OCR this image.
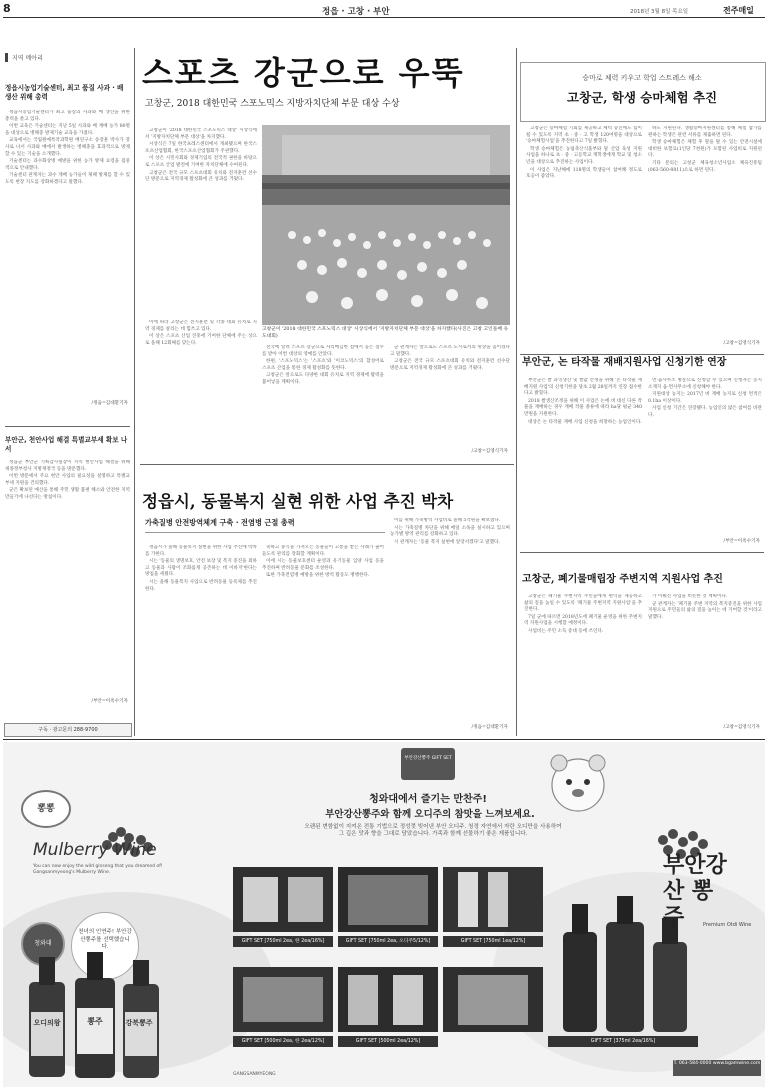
8	정읍 · 고창 · 부안	2018년 3월 8일 목요일	전주매일
지역 메아리
정읍시농업기술센터, 최고 품질 사과 · 배 생산 위해 총력

정읍시농업기술센터가 최고 품질의 사과와 배 생산을 위한 총력을 쏟고 있다.

이번 교육은 기술센터는 지난 5일 사과와 배 재배 농가 80명을 대상으로 병해충 방제기술 교육을 가졌다.

교육에서는 국립원예특작과학원 배연구소 송장훈 박사가 강사로 나서 사과와 배에서 발생하는 병해충을 효과적으로 방제할 수 있는 기술을 소개했다.

기술센터는 과수화상병 예방을 위한 농가 방제 요령을 집중적으로 안내했다.

기술센터 관계자는 과수 재배 농가들이 제때 방제를 할 수 있도록 현장 지도를 강화하겠다고 말했다.

/정읍=김대환기자
부안군, 천안사업 해결 특별교부세 확보 나서

정읍군 부안군 기획감사실장이 지역 현안사업 해결을 위해 세종정부청사 지방재정국 등을 방문했다.

이번 방문에서 주요 현안 사업의 필요성을 설명하고 특별교부세 지원을 건의했다.

군은 확보된 예산을 통해 주민 생활 불편 해소와 안전한 지역 만들기에 나선다는 방침이다.

/부안=이옥수기자
구독 · 광고문의 288-9700
스포츠 강군으로 우뚝
고창군, 2018 대한민국 스포노믹스 지방자치단체 부문 대상 수상

고창군이 '2018 대한민국 스포노믹스 대상' 시상식에서 '지방자치단체 부문 대상'을 차지했다.

시상식은 7일 한국프레스센터에서 개최됐으며 한국스포츠산업협회, 한국스포츠산업협회가 주관했다.

이 상은 시민사회와 경제기업의 전국적 권한을 바탕으로 스포츠 산업 발전에 기여한 자치단체에 수여된다.

고창군은 전국 규모 스포츠대회 유치와 전지훈련 선수단 방문으로 지역경제 활성화에 큰 성과를 거뒀다.

고창군이 '2018 대한민국 스포노믹스 대상' 시상식에서 '지방자치단체 부문 대상'을 차지했다(사진은 고창 고인돌배 유도대회)

이에 따라 고창군은 전지훈련 및 각종 대회 유치로 지역 경제를 살리는 데 힘쓰고 있다.

이 상은 스포츠 산업 진흥에 기여한 단체에 주는 상으로 올해 12회째를 맞는다.

전국에 알려 스포츠 강군으로 자리매김한 점에서 높은 점수를 받아 이번 대상의 영예를 안았다.

한편, '스포노믹스'는 '스포츠'와 '이코노믹스'의 합성어로 스포츠 산업을 통한 경제 활성화를 뜻한다.

고창군은 앞으로도 다양한 대회 유치로 지역 경제에 활력을 불어넣을 계획이다.

군 관계자는 앞으로도 스포츠 도시로서의 위상을 높이겠다고 말했다.

고창군은 전국 규모 스포츠대회 유치와 전지훈련 선수단 방문으로 지역경제 활성화에 큰 성과를 거뒀다.

/고창=김영식기자
정읍시, 동물복지 실현 위한 사업 추진 박차
가축질병 안전방역체계 구축 · 전염병 근절 총력

정읍시가 올해 동물복지 실현을 위한 사업 추진에 박차를 가한다.

시는 '동물의 생명보호, 안전 보장 및 복지 증진을 꾀하고 동물과 사람이 조화롭게 공존하는 데 이바지'한다는 방침을 세웠다.

시는 올해 동물복지 사업으로 반려동물 등록제를 추진한다.

축하고 중식을 가져오는 동물들이 고통을 받는 사례가 줄어들도록 관리를 강화할 계획이다.

이에 시는 동물보호센터 운영과 유기동물 입양 사업 등을 추진하며 반려동물 문화를 조성한다.

또한 가축전염병 예방을 위한 방역 활동도 병행한다.

이를 위해 가축방역 사업비로 올해 5억원을 확보했다.

시는 가축질병 차단을 위해 매일 소독을 실시하고 있으며 농가별 방역 관리를 강화하고 있다.

시 관계자는 '동물 복지 실현에 앞장서겠다'고 말했다.

/정읍=김대환기자
승마로 체력 키우고 학업 스트레스 해소
고창군, 학생 승마체험 추진

고창군은 승마체험 기회를 제공하고 체력 증진에도 힘이 될 수 있도록 지역 초 · 중 · 고 학생 120여명을 대상으로 '승마체험사업'을 추진한다고 7일 밝혔다.

학생 승마체험은 농림축산식품부와 말 산업 육성 지원 사업을 하나로 초 · 중 · 고등학교 재학생에게 학교 및 청소년을 대상으로 추진하는 사업이다.

이 사업은 지난해에 118명의 학생들이 참여해 정도로 호응이 좋았다.

하도 지원된다. 생활승마지원센터를 통해 체험 참가를 원하는 학생은 관련 서류를 제출하면 된다.

학생 승마체험은 체험 후 말을 탈 수 있는 안전시설에 대비한 보험료(1인당 7천원)가 포함된 사업비로 지원된다.

기타 문의는 고창군 체육청소년사업소 체육진흥팀(063-560-8811)으로 하면 된다.

/고창=김영식기자
부안군, 논 타작물 재배지원사업 신청기한 연장

부안군은 쌀 과잉생산 및 쌀값 안정을 위해 '논 타작물 재배지원 사업'의 신청기한을 당초 2월 28일까지 연장 접수한다고 밝혔다.

2018 쌀생산조정을 위해 이 사업은 논에 벼 대신 다른 작물을 재배하는 경우 재배 작물 종류에 따라 ha당 평균 340만원을 지원한다.

대상은 논 타작물 재배 사업 신청을 희망하는 농업인이다.

면·읍사무소 방문으로 신청할 수 있으며 신청자는 농지 소재지 읍·면사무소에 신청해야 한다.

지원대상 농지는 2017년 벼 재배 농지로 신청 면적은 0.1ha 이상이다.

사업 신청 기간은 연장됐다. 농업인의 많은 참여를 바란다.

/부안=이옥수기자
고창군, 폐기물매립장 주변지역 지원사업 추진

고창군은 폐기물 주변지역 주민들에게 편익을 제공하고 삶의 질을 높일 수 있도록 '폐기물 주변지역 지원사업'을 추진한다.

7일 군에 따르면 2018년도에 폐기물 운영을 위한 주변지역 지원사업을 시행할 예정이다.

사업비는 주민 소득 증대 등에 쓰인다.

가 이뤄진 사업을 비롯한 것 계획이다.

군 관계자는 '폐기물 주변 지역의 복지증진을 위한 사업 지원으로 주민들의 삶의 질을 높이는 데 기여할 것'이라고 말했다.

/고창=김영식기자
뽕뽕
Mulberry Wine
You can now enjoy the wild ginseng that you dreamed of! Gangsanmyeong's Mulberry Wine.
천녀의 인연주! 부안강산뽕주를 선택했습니다.
청와대
부안강산뽕주 GIFT SET
청와대에서 즐기는 만찬주!
부안강산뽕주와 함께 오디주의 참맛을 느껴보세요.
오랜된 변함없이 지켜온 전통 기법으로 정성껏 빚어낸 부안 오디주. 청정 자연에서 자란 오디만을 사용하여 그 깊은 맛과 향을 그대로 담았습니다. 가족과 함께 선물하기 좋은 제품입니다.
오디의왕	뽕주	강북뽕주
GIFT SET [750ml 2ea, 한 2ea/16%]	GIFT SET [750ml 2ea, 오디주5/12%]	GIFT SET [750ml 1ea/12%]
GIFT SET [500ml 2ea, 한 2ea/12%]	GIFT SET [500ml 2ea/12%]	GIFT SET [375ml 2ea/16%]
부안강산 뽕주	Premium Otdi Wine
GANGSANMYEONG
T. 063-584-0000 www.bgamwine.com
